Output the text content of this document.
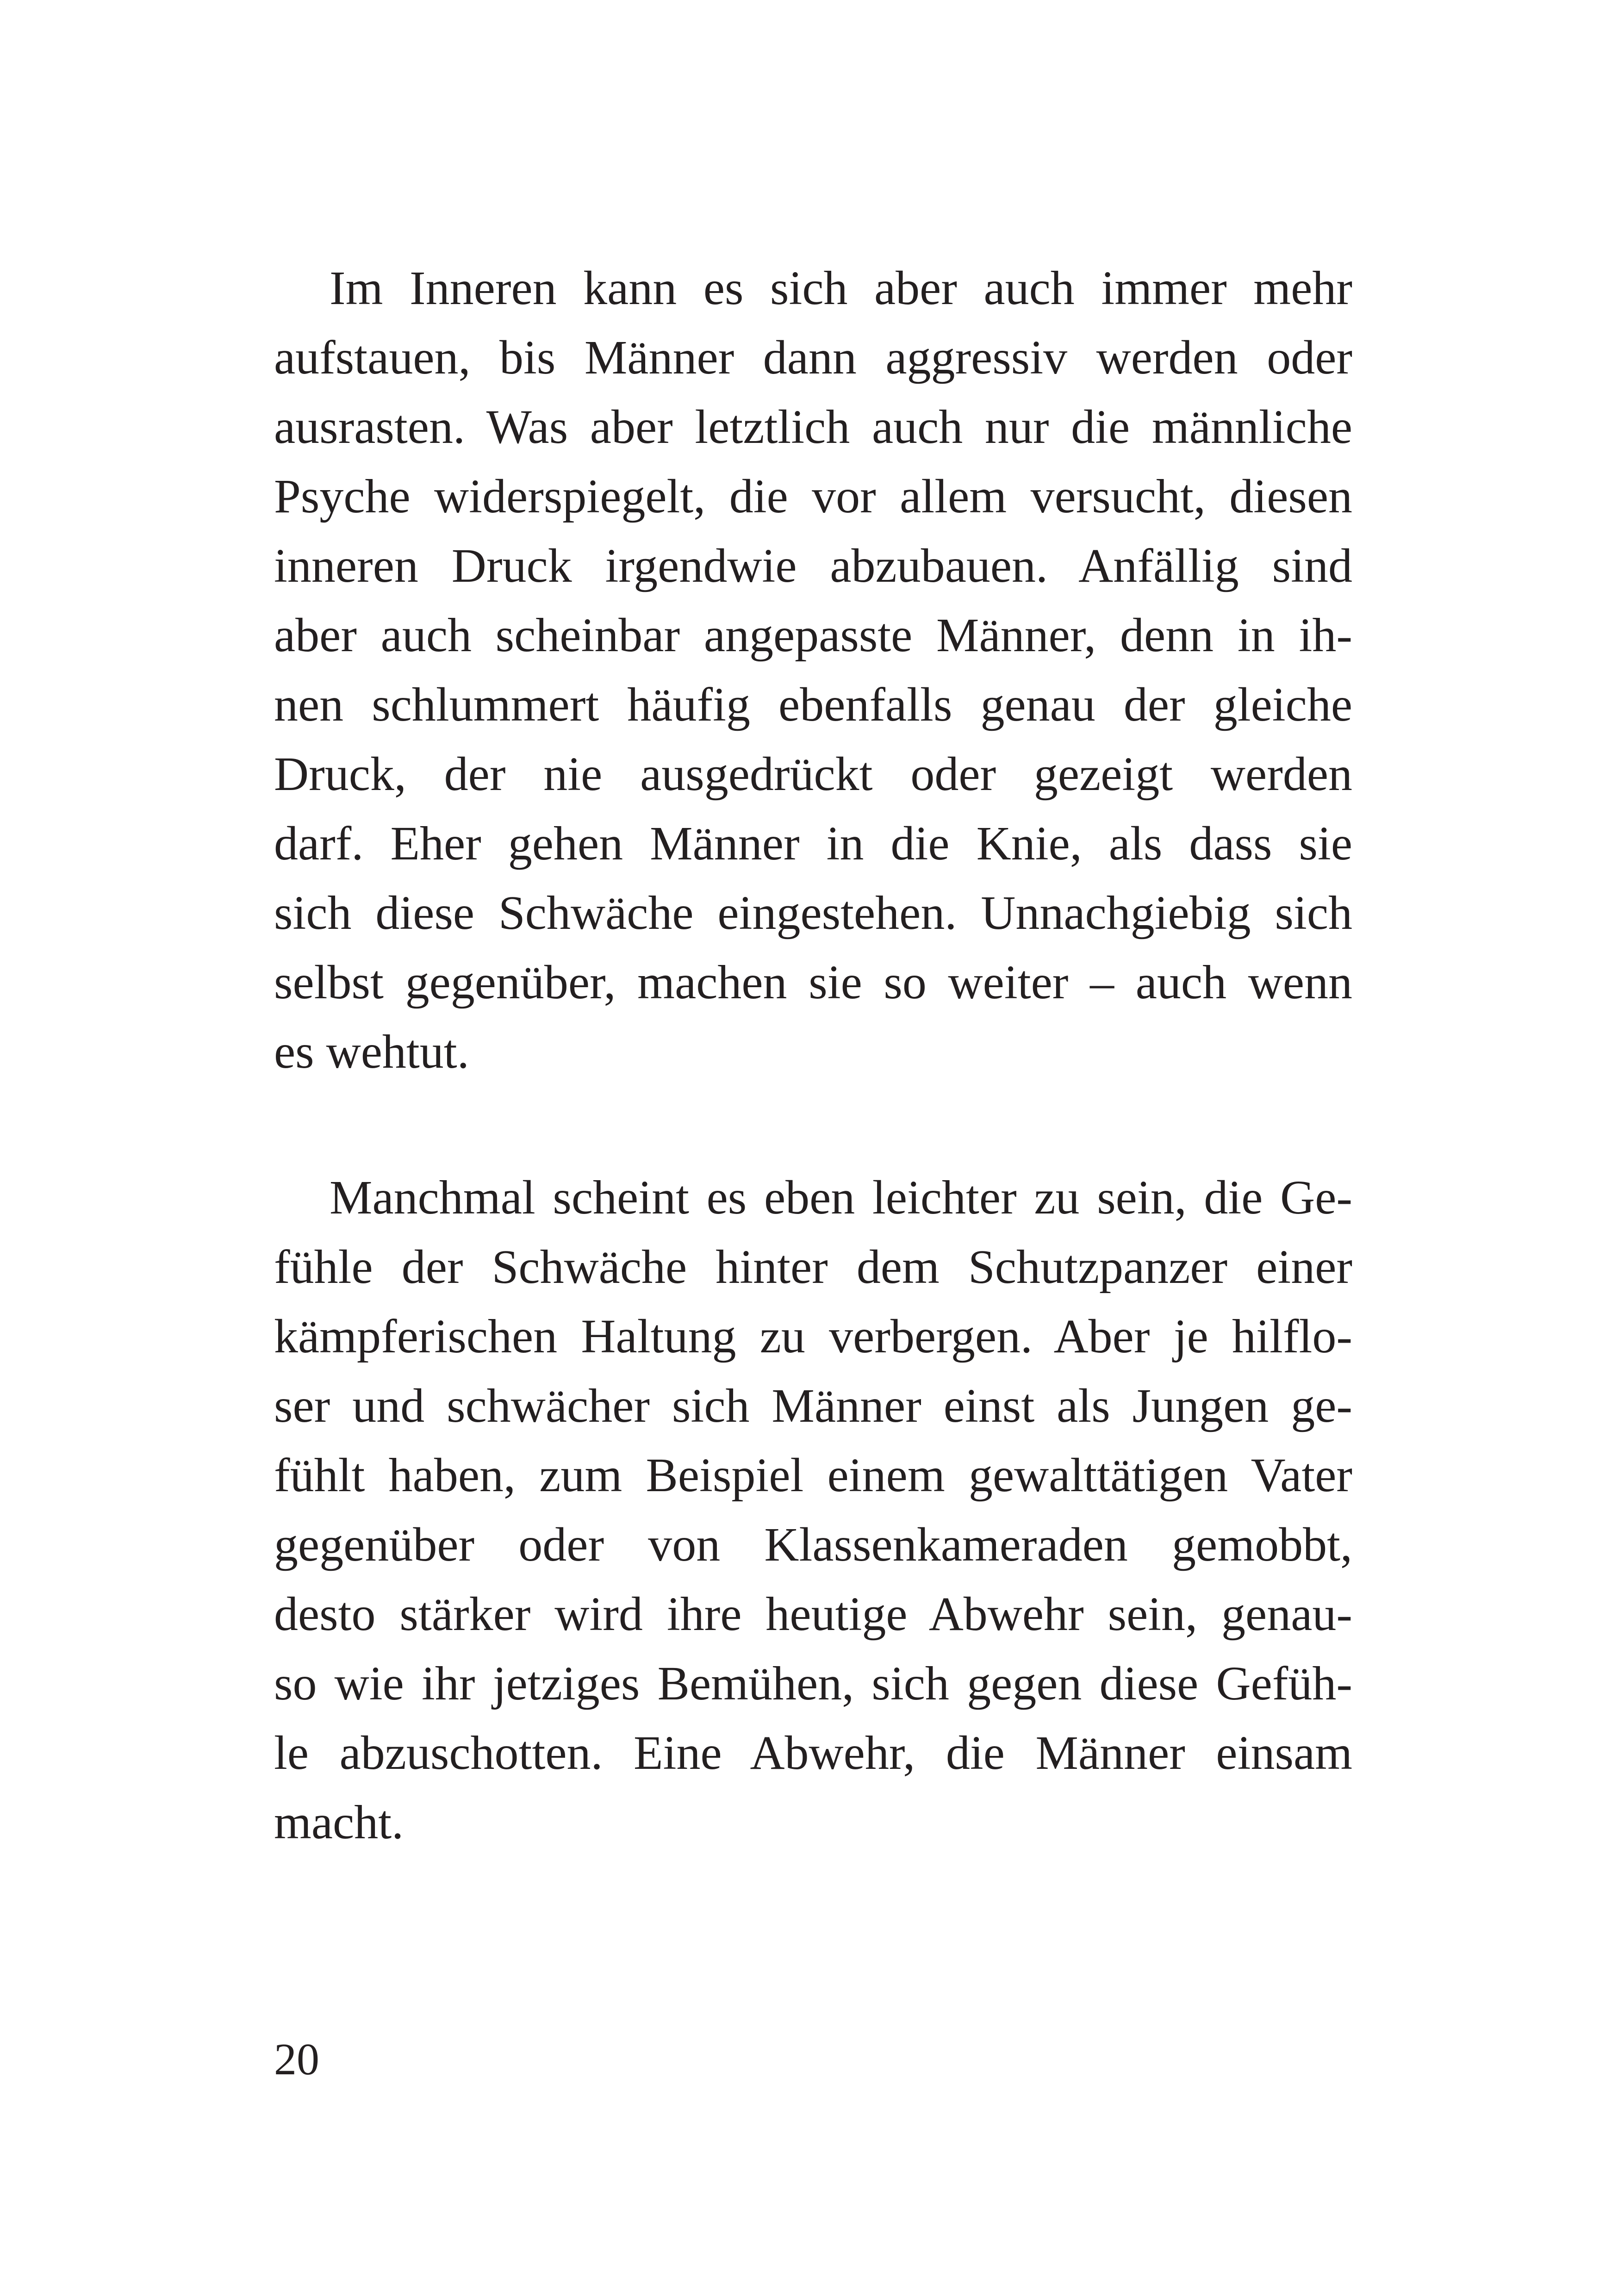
Im Inneren kann es sich aber auch immer mehr
aufstauen, bis Männer dann aggressiv werden oder
ausrasten. Was aber letztlich auch nur die männliche
Psyche widerspiegelt, die vor allem versucht, diesen
inneren Druck irgendwie abzubauen. Anfällig sind
aber auch scheinbar angepasste Männer, denn in ih-
nen schlummert häufig ebenfalls genau der gleiche
Druck, der nie ausgedrückt oder gezeigt werden
darf. Eher gehen Männer in die Knie, als dass sie
sich diese Schwäche eingestehen. Unnachgiebig sich
selbst gegenüber, machen sie so weiter – auch wenn
es wehtut.
Manchmal scheint es eben leichter zu sein, die Ge-
fühle der Schwäche hinter dem Schutzpanzer einer
kämpferischen Haltung zu verbergen. Aber je hilflo-
ser und schwächer sich Männer einst als Jungen ge-
fühlt haben, zum Beispiel einem gewalttätigen Vater
gegenüber oder von Klassenkameraden gemobbt,
desto stärker wird ihre heutige Abwehr sein, genau-
so wie ihr jetziges Bemühen, sich gegen diese Gefüh-
le abzuschotten. Eine Abwehr, die Männer einsam
macht.
20
